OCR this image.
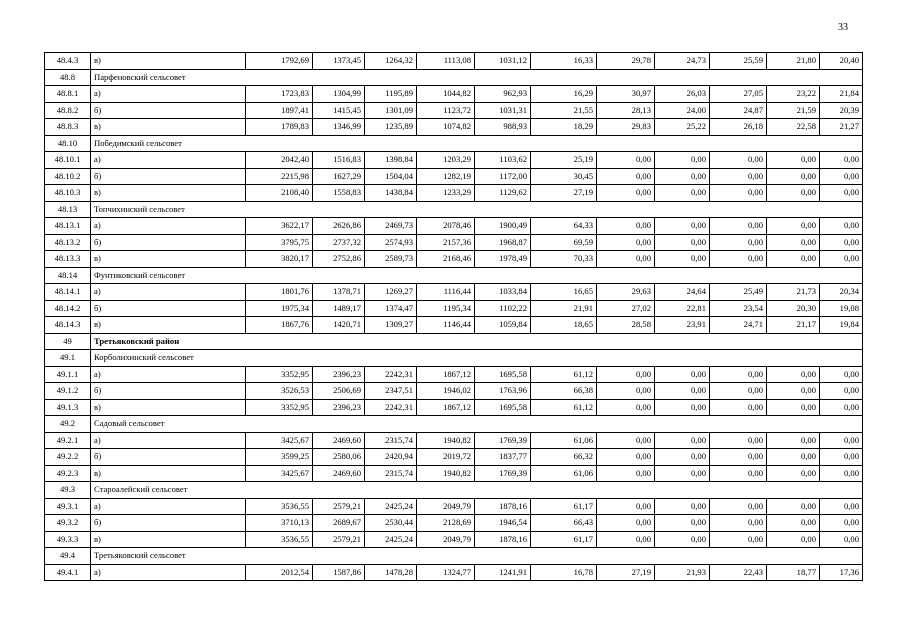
33
48.4.3	в)	1792,69	1373,45	1264,32	1113,08	1031,12	16,33	29,78	24,73	25,59	21,80	20,40
48.8	Парфеновский сельсовет											
48.8.1	а)	1723,83	1304,99	1195,89	1044,82	962,93	16,29	30,97	26,03	27,05	23,22	21,84
48.8.2	б)	1897,41	1415,45	1301,09	1123,72	1031,31	21,55	28,13	24,00	24,87	21,59	20,39
48.8.3	в)	1789,83	1346,99	1235,89	1074,82	988,93	18,29	29,83	25,22	26,18	22,58	21,27
48.10	Победимский сельсовет											
48.10.1	а)	2042,40	1516,83	1398,84	1203,29	1103,62	25,19	0,00	0,00	0,00	0,00	0,00
48.10.2	б)	2215,98	1627,29	1504,04	1282,19	1172,00	30,45	0,00	0,00	0,00	0,00	0,00
48.10.3	в)	2108,40	1558,83	1438,84	1233,29	1129,62	27,19	0,00	0,00	0,00	0,00	0,00
48.13	Топчихинский сельсовет											
48.13.1	а)	3622,17	2626,86	2469,73	2078,46	1900,49	64,33	0,00	0,00	0,00	0,00	0,00
48.13.2	б)	3795,75	2737,32	2574,93	2157,36	1968,87	69,59	0,00	0,00	0,00	0,00	0,00
48.13.3	в)	3820,17	2752,86	2589,73	2168,46	1978,49	70,33	0,00	0,00	0,00	0,00	0,00
48.14	Фунтиковский сельсовет											
48.14.1	а)	1801,76	1378,71	1269,27	1116,44	1033,84	16,65	29,63	24,64	25,49	21,73	20,34
48.14.2	б)	1975,34	1489,17	1374,47	1195,34	1102,22	21,91	27,02	22,81	23,54	20,30	19,08
48.14.3	в)	1867,76	1420,71	1309,27	1146,44	1059,84	18,65	28,58	23,91	24,71	21,17	19,84
49	Третьяковский район											
49.1	Корболихинский сельсовет											
49.1.1	а)	3352,95	2396,23	2242,31	1867,12	1695,58	61,12	0,00	0,00	0,00	0,00	0,00
49.1.2	б)	3526,53	2506,69	2347,51	1946,02	1763,96	66,38	0,00	0,00	0,00	0,00	0,00
49.1.3	в)	3352,95	2396,23	2242,31	1867,12	1695,58	61,12	0,00	0,00	0,00	0,00	0,00
49.2	Садовый сельсовет											
49.2.1	а)	3425,67	2469,60	2315,74	1940,82	1769,39	61,06	0,00	0,00	0,00	0,00	0,00
49.2.2	б)	3599,25	2580,06	2420,94	2019,72	1837,77	66,32	0,00	0,00	0,00	0,00	0,00
49.2.3	в)	3425,67	2469,60	2315,74	1940,82	1769,39	61,06	0,00	0,00	0,00	0,00	0,00
49.3	Староалейский сельсовет											
49.3.1	а)	3536,55	2579,21	2425,24	2049,79	1878,16	61,17	0,00	0,00	0,00	0,00	0,00
49.3.2	б)	3710,13	2689,67	2530,44	2128,69	1946,54	66,43	0,00	0,00	0,00	0,00	0,00
49.3.3	в)	3536,55	2579,21	2425,24	2049,79	1878,16	61,17	0,00	0,00	0,00	0,00	0,00
49.4	Третьяковский сельсовет											
49.4.1	а)	2012,54	1587,86	1478,28	1324,77	1241,91	16,78	27,19	21,93	22,43	18,77	17,36
